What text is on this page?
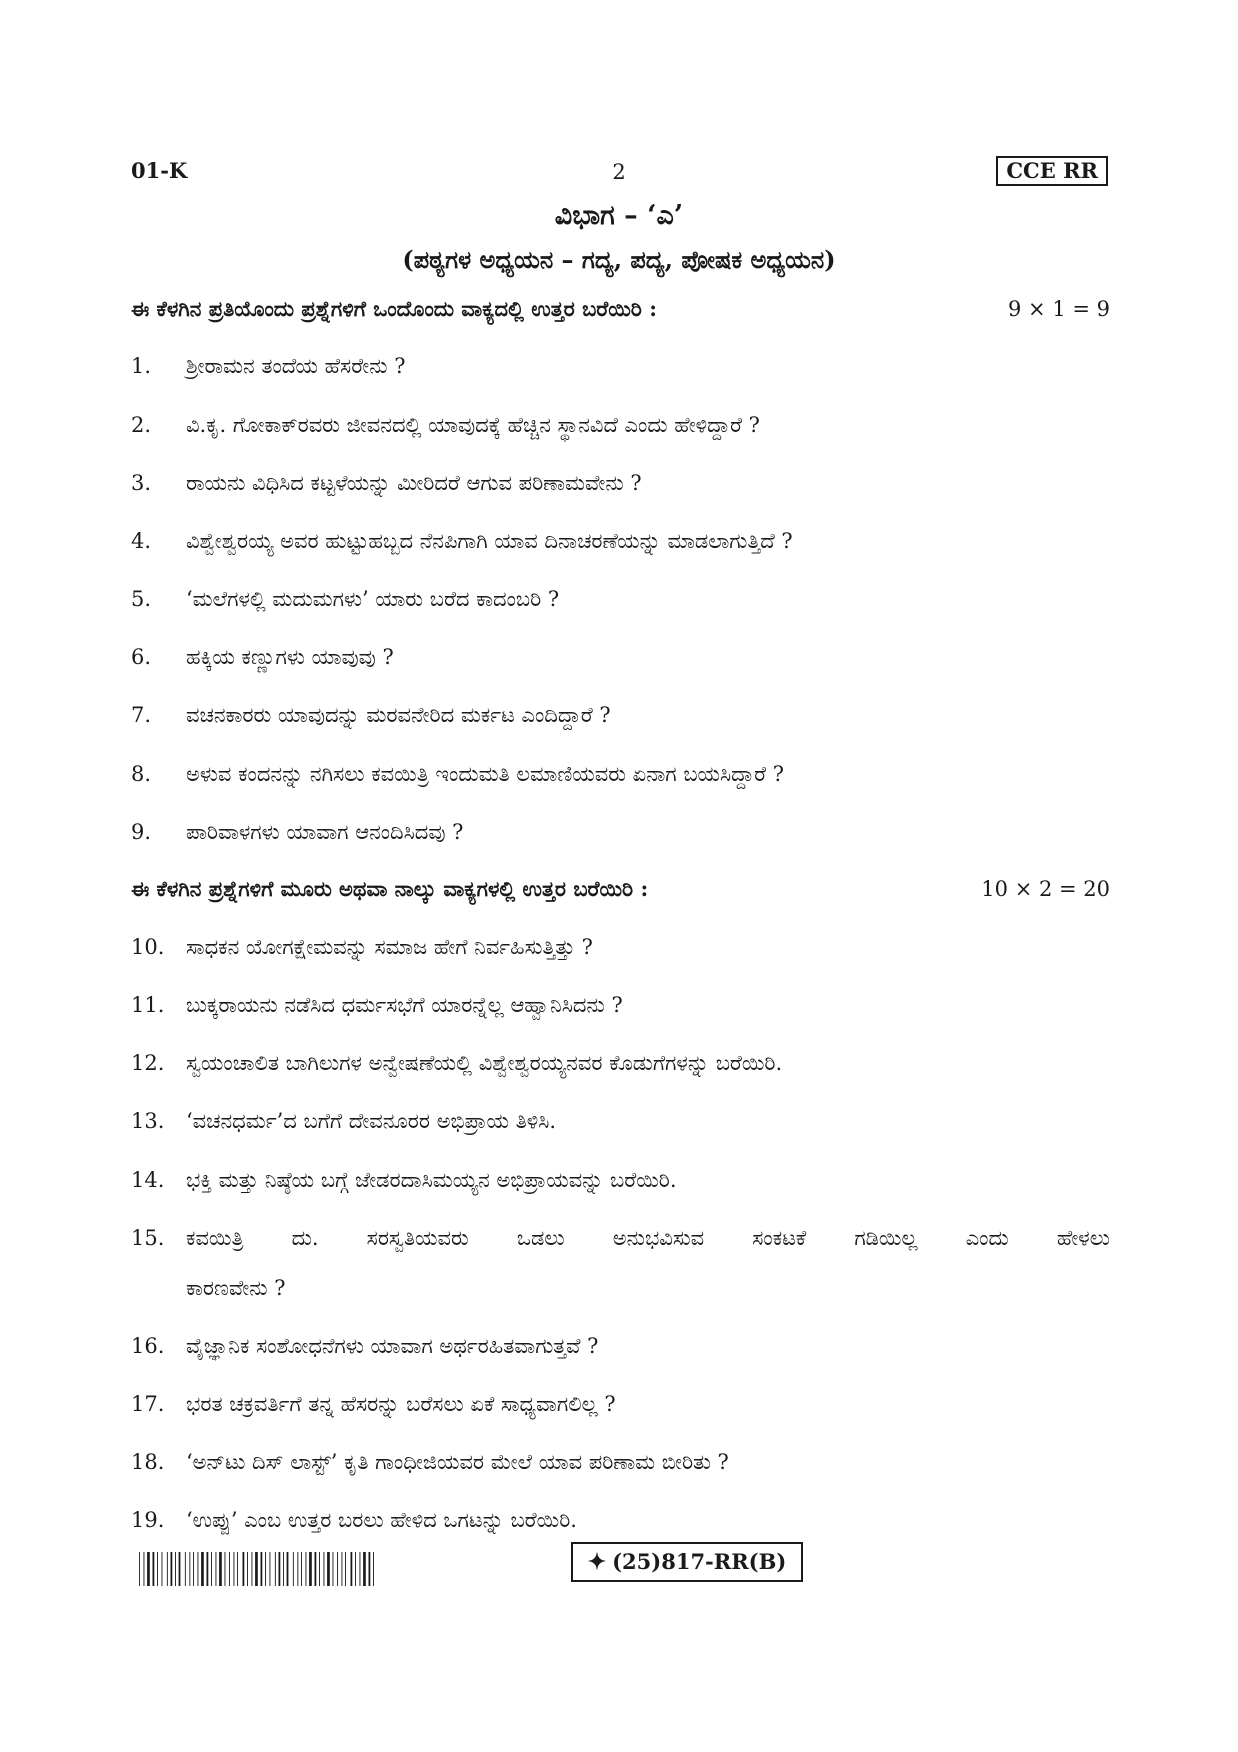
01-K	2	CCE RR
ವಿಭಾಗ – ‘ಎ’
(ಪಠ್ಯಗಳ ಅಧ್ಯಯನ – ಗದ್ಯ, ಪದ್ಯ, ಪೋಷಕ ಅಧ್ಯಯನ)
ಈ ಕೆಳಗಿನ ಪ್ರತಿಯೊಂದು ಪ್ರಶ್ನೆಗಳಿಗೆ ಒಂದೊಂದು ವಾಕ್ಯದಲ್ಲಿ ಉತ್ತರ ಬರೆಯಿರಿ :	9 × 1 = 9
1.	ಶ್ರೀರಾಮನ ತಂದೆಯ ಹೆಸರೇನು ?
2.	ವಿ.ಕೃ. ಗೋಕಾಕ್‌ರವರು ಜೀವನದಲ್ಲಿ ಯಾವುದಕ್ಕೆ ಹೆಚ್ಚಿನ ಸ್ಥಾನವಿದೆ ಎಂದು ಹೇಳಿದ್ದಾರೆ ?
3.	ರಾಯನು ವಿಧಿಸಿದ ಕಟ್ಟಳೆಯನ್ನು ಮೀರಿದರೆ ಆಗುವ ಪರಿಣಾಮವೇನು ?
4.	ವಿಶ್ವೇಶ್ವರಯ್ಯ ಅವರ ಹುಟ್ಟುಹಬ್ಬದ ನೆನಪಿಗಾಗಿ ಯಾವ ದಿನಾಚರಣೆಯನ್ನು ಮಾಡಲಾಗುತ್ತಿದೆ ?
5.	‘ಮಲೆಗಳಲ್ಲಿ ಮದುಮಗಳು’ ಯಾರು ಬರೆದ ಕಾದಂಬರಿ ?
6.	ಹಕ್ಕಿಯ ಕಣ್ಣುಗಳು ಯಾವುವು ?
7.	ವಚನಕಾರರು ಯಾವುದನ್ನು ಮರವನೇರಿದ ಮರ್ಕಟ ಎಂದಿದ್ದಾರೆ ?
8.	ಅಳುವ ಕಂದನನ್ನು ನಗಿಸಲು ಕವಯಿತ್ರಿ ಇಂದುಮತಿ ಲಮಾಣಿಯವರು ಏನಾಗ ಬಯಸಿದ್ದಾರೆ ?
9.	ಪಾರಿವಾಳಗಳು ಯಾವಾಗ ಆನಂದಿಸಿದವು ?
ಈ ಕೆಳಗಿನ ಪ್ರಶ್ನೆಗಳಿಗೆ ಮೂರು ಅಥವಾ ನಾಲ್ಕು ವಾಕ್ಯಗಳಲ್ಲಿ ಉತ್ತರ ಬರೆಯಿರಿ :	10 × 2 = 20
10.	ಸಾಧಕನ ಯೋಗಕ್ಷೇಮವನ್ನು ಸಮಾಜ ಹೇಗೆ ನಿರ್ವಹಿಸುತ್ತಿತ್ತು ?
11.	ಬುಕ್ಕರಾಯನು ನಡೆಸಿದ ಧರ್ಮಸಭೆಗೆ ಯಾರನ್ನೆಲ್ಲ ಆಹ್ವಾನಿಸಿದನು ?
12.	ಸ್ವಯಂಚಾಲಿತ ಬಾಗಿಲುಗಳ ಅನ್ವೇಷಣೆಯಲ್ಲಿ ವಿಶ್ವೇಶ್ವರಯ್ಯನವರ ಕೊಡುಗೆಗಳನ್ನು ಬರೆಯಿರಿ.
13.	‘ವಚನಧರ್ಮ’ದ ಬಗೆಗೆ ದೇವನೂರರ ಅಭಿಪ್ರಾಯ ತಿಳಿಸಿ.
14.	ಭಕ್ತಿ ಮತ್ತು ನಿಷ್ಠೆಯ ಬಗ್ಗೆ ಜೇಡರದಾಸಿಮಯ್ಯನ ಅಭಿಪ್ರಾಯವನ್ನು ಬರೆಯಿರಿ.
15.	ಕವಯಿತ್ರಿ ದು. ಸರಸ್ವತಿಯವರು ಒಡಲು ಅನುಭವಿಸುವ ಸಂಕಟಕೆ ಗಡಿಯಿಲ್ಲ ಎಂದು ಹೇಳಲು
ಕಾರಣವೇನು ?
16.	ವೈಜ್ಞಾನಿಕ ಸಂಶೋಧನೆಗಳು ಯಾವಾಗ ಅರ್ಥರಹಿತವಾಗುತ್ತವೆ ?
17.	ಭರತ ಚಕ್ರವರ್ತಿಗೆ ತನ್ನ ಹೆಸರನ್ನು ಬರೆಸಲು ಏಕೆ ಸಾಧ್ಯವಾಗಲಿಲ್ಲ ?
18.	‘ಅನ್‌ಟು ದಿಸ್ ಲಾಸ್ಟ್’ ಕೃತಿ ಗಾಂಧೀಜಿಯವರ ಮೇಲೆ ಯಾವ ಪರಿಣಾಮ ಬೀರಿತು ?
19.	‘ಉಪ್ಪು’ ಎಂಬ ಉತ್ತರ ಬರಲು ಹೇಳಿದ ಒಗಟನ್ನು ಬರೆಯಿರಿ.
✦ (25)817-RR(B)
